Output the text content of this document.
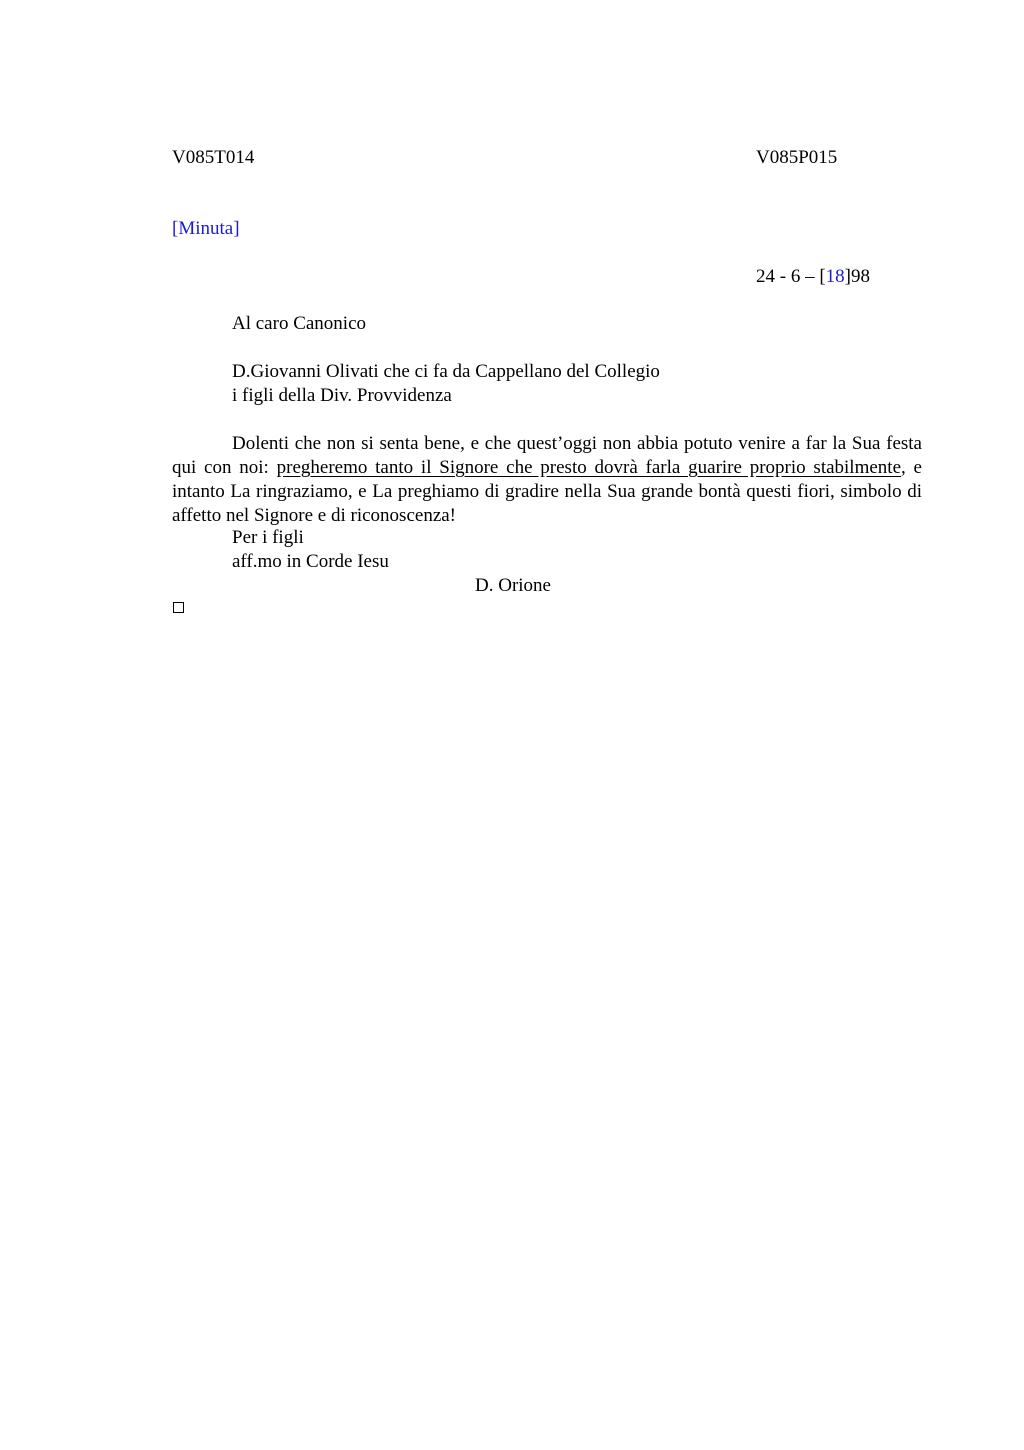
V085T014	V085P015
[Minuta]
24 - 6 – [18]98
Al caro Canonico
D.Giovanni Olivati che ci fa da Cappellano del Collegio
i figli della Div. Provvidenza
Dolenti che non si senta bene, e che quest’oggi non abbia potuto venire a far la Sua festa qui con noi: pregheremo tanto il Signore che presto dovrà farla guarire proprio stabilmente, e intanto La ringraziamo, e La preghiamo di gradire nella Sua grande bontà questi fiori, simbolo di affetto nel Signore e di riconoscenza!
Per i figli
aff.mo in Corde Iesu
D. Orione
